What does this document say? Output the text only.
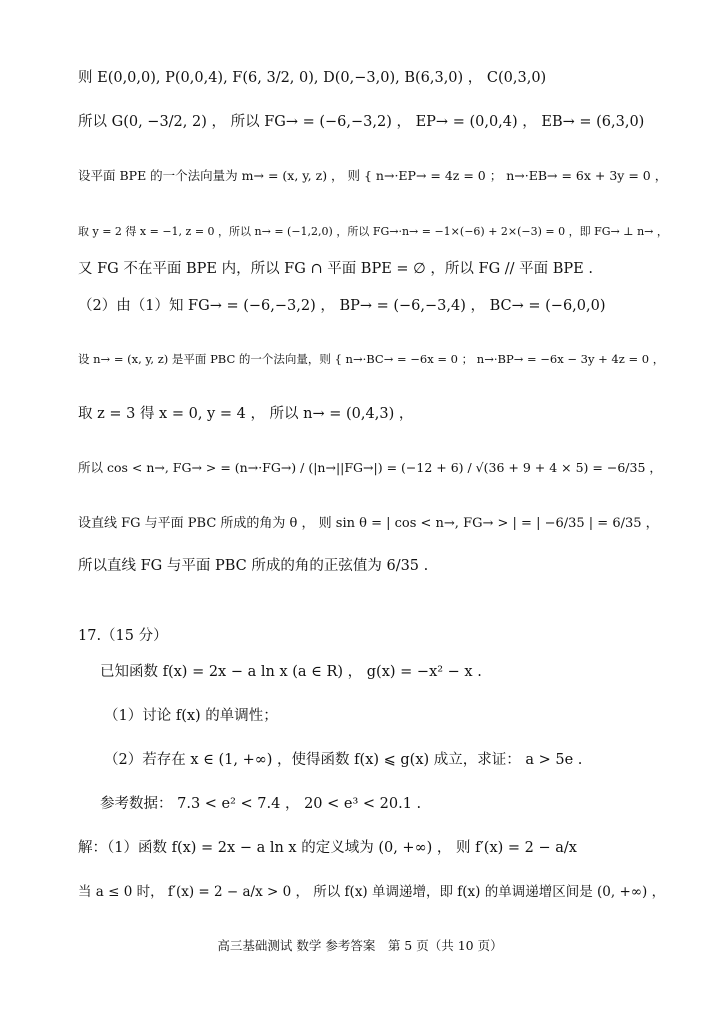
则 E(0,0,0), P(0,0,4), F(6, 3/2, 0), D(0,−3,0), B(6,3,0) ， C(0,3,0)
所以 G(0, −3/2, 2) ， 所以 FG→ = (−6,−3,2) ， EP→ = (0,0,4) ， EB→ = (6,3,0)
设平面 BPE 的一个法向量为 m→ = (x, y, z) ， 则 { n→·EP→ = 4z = 0 ； n→·EB→ = 6x + 3y = 0 ，
取 y = 2 得 x = −1, z = 0 ，所以 n→ = (−1,2,0) ，所以 FG→·n→ = −1×(−6) + 2×(−3) = 0 ，即 FG→ ⊥ n→ ，
又 FG 不在平面 BPE 内，所以 FG ∩ 平面 BPE = ∅ ，所以 FG // 平面 BPE .
（2）由（1）知 FG→ = (−6,−3,2) ， BP→ = (−6,−3,4) ， BC→ = (−6,0,0)
设 n→ = (x, y, z) 是平面 PBC 的一个法向量，则 { n→·BC→ = −6x = 0 ； n→·BP→ = −6x − 3y + 4z = 0 ，
取 z = 3 得 x = 0, y = 4 ， 所以 n→ = (0,4,3) ，
所以 cos < n→, FG→ > = (n→·FG→) / (|n→||FG→|) = (−12 + 6) / √(36 + 9 + 4 × 5) = −6/35 ，
设直线 FG 与平面 PBC 所成的角为 θ ， 则 sin θ = | cos < n→, FG→ > | = | −6/35 | = 6/35 ，
所以直线 FG 与平面 PBC 所成的角的正弦值为 6/35 .
17.（15 分）
已知函数 f(x) = 2x − a ln x (a ∈ R) ， g(x) = −x² − x .
（1）讨论 f(x) 的单调性；
（2）若存在 x ∈ (1, +∞) ，使得函数 f(x) ⩽ g(x) 成立，求证： a > 5e .
参考数据： 7.3 < e² < 7.4 ， 20 < e³ < 20.1 .
解：（1）函数 f(x) = 2x − a ln x 的定义域为 (0, +∞) ， 则 f′(x) = 2 − a/x
当 a ≤ 0 时， f′(x) = 2 − a/x > 0 ， 所以 f(x) 单调递增，即 f(x) 的单调递增区间是 (0, +∞) ，
高三基础测试 数学 参考答案　第 5 页（共 10 页）
